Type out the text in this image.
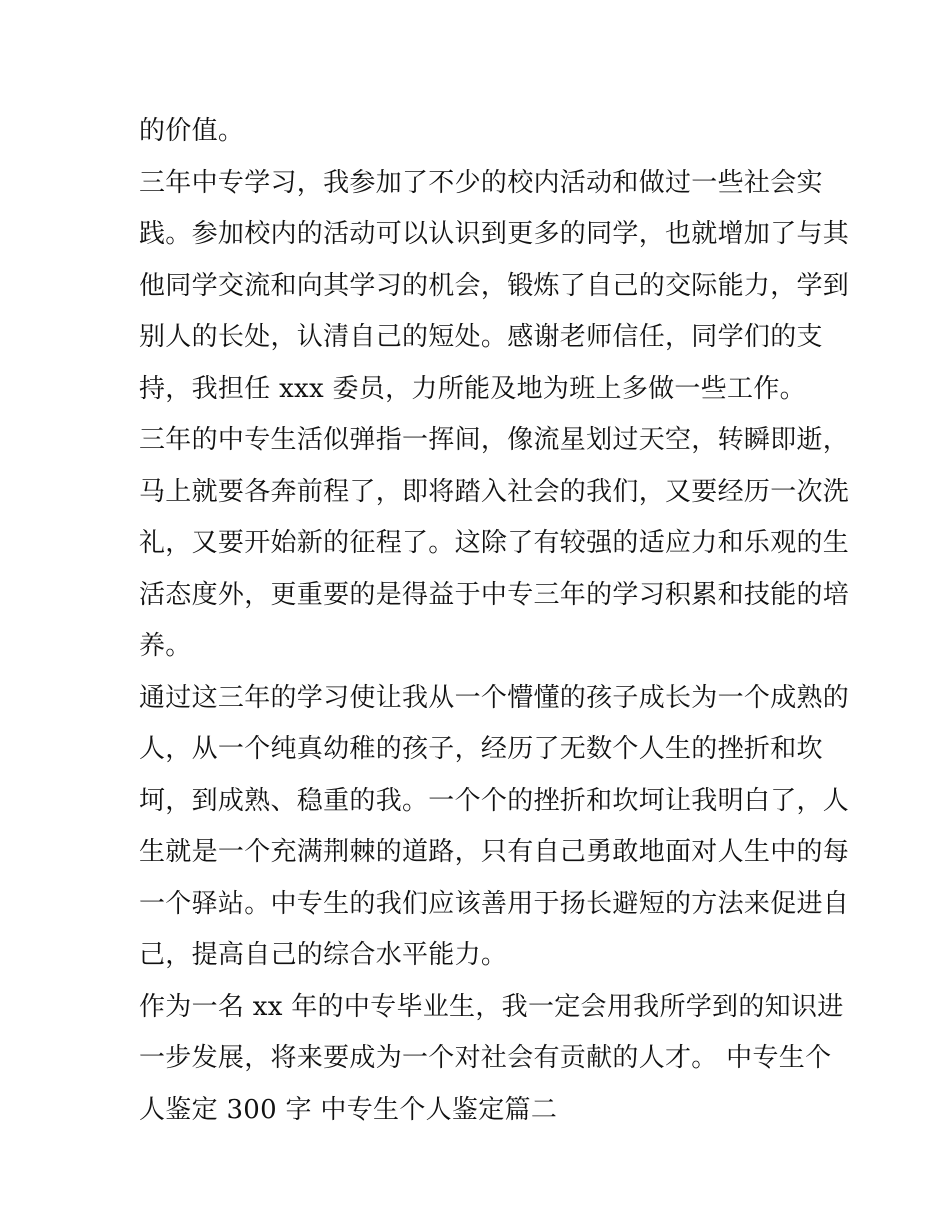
的价值。
三年中专学习，我参加了不少的校内活动和做过一些社会实
践。参加校内的活动可以认识到更多的同学，也就增加了与其
他同学交流和向其学习的机会，锻炼了自己的交际能力，学到
别人的长处，认清自己的短处。感谢老师信任，同学们的支
持，我担任 xxx 委员，力所能及地为班上多做一些工作。
三年的中专生活似弹指一挥间，像流星划过天空，转瞬即逝，
马上就要各奔前程了，即将踏入社会的我们，又要经历一次洗
礼，又要开始新的征程了。这除了有较强的适应力和乐观的生
活态度外，更重要的是得益于中专三年的学习积累和技能的培
养。
通过这三年的学习使让我从一个懵懂的孩子成长为一个成熟的
人，从一个纯真幼稚的孩子，经历了无数个人生的挫折和坎
坷，到成熟、稳重的我。一个个的挫折和坎坷让我明白了，人
生就是一个充满荆棘的道路，只有自己勇敢地面对人生中的每
一个驿站。中专生的我们应该善用于扬长避短的方法来促进自
己，提高自己的综合水平能力。
作为一名 xx 年的中专毕业生，我一定会用我所学到的知识进
一步发展，将来要成为一个对社会有贡献的人才。 中专生个
人鉴定 300 字 中专生个人鉴定篇二
